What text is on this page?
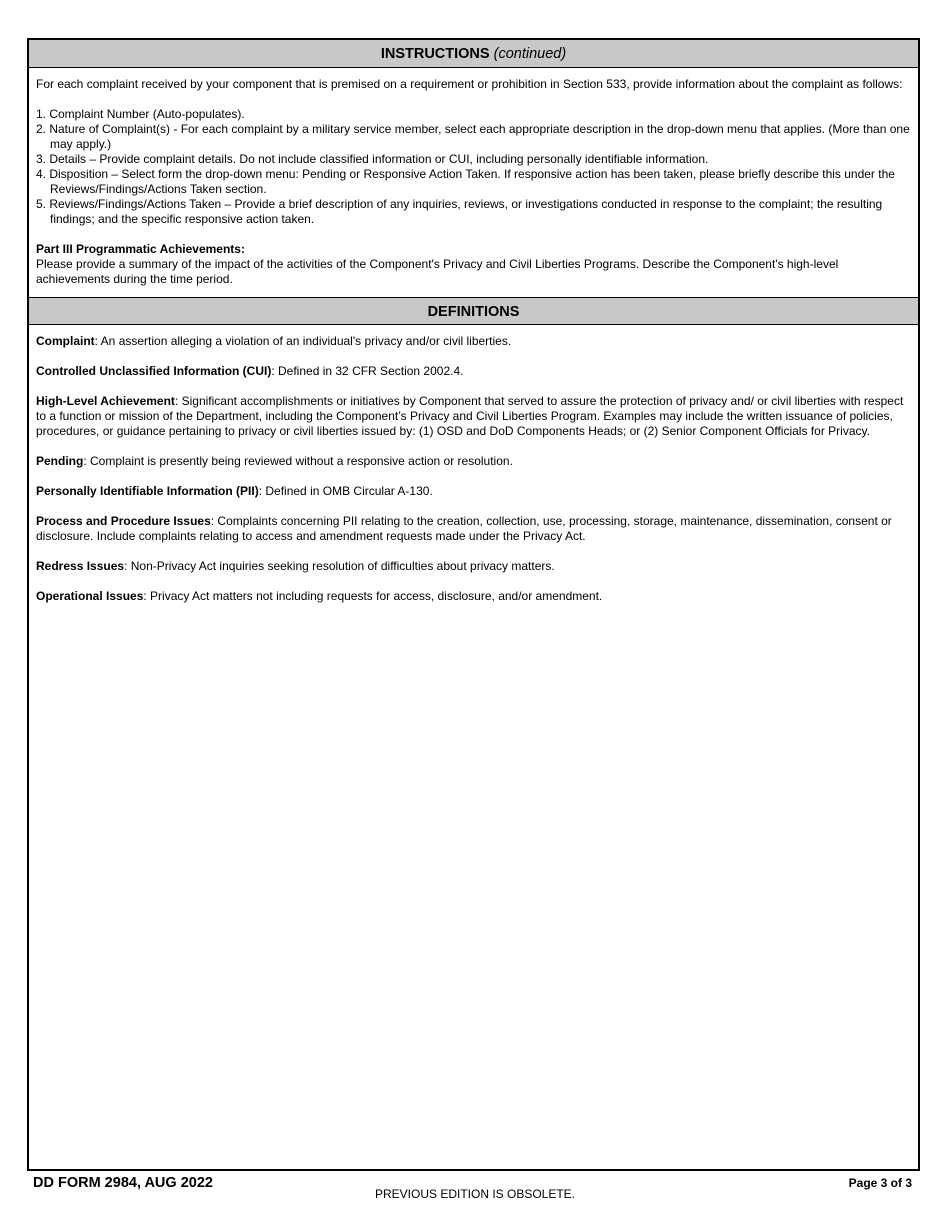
INSTRUCTIONS (continued)

For each complaint received by your component that is premised on a requirement or prohibition in Section 533, provide information about the complaint as follows:

1. Complaint Number (Auto-populates).
2. Nature of Complaint(s) - For each complaint by a military service member, select each appropriate description in the drop-down menu that applies. (More than one may apply.)
3. Details – Provide complaint details. Do not include classified information or CUI, including personally identifiable information.
4. Disposition – Select form the drop-down menu: Pending or Responsive Action Taken. If responsive action has been taken, please briefly describe this under the Reviews/Findings/Actions Taken section.
5. Reviews/Findings/Actions Taken – Provide a brief description of any inquiries, reviews, or investigations conducted in response to the complaint; the resulting findings; and the specific responsive action taken.

Part III Programmatic Achievements:

Please provide a summary of the impact of the activities of the Component's Privacy and Civil Liberties Programs. Describe the Component's high-level achievements during the time period.

DEFINITIONS

Complaint: An assertion alleging a violation of an individual's privacy and/or civil liberties.

Controlled Unclassified Information (CUI): Defined in 32 CFR Section 2002.4.

High-Level Achievement: Significant accomplishments or initiatives by Component that served to assure the protection of privacy and/ or civil liberties with respect to a function or mission of the Department, including the Component’s Privacy and Civil Liberties Program. Examples may include the written issuance of policies, procedures, or guidance pertaining to privacy or civil liberties issued by: (1) OSD and DoD Components Heads; or (2) Senior Component Officials for Privacy.

Pending: Complaint is presently being reviewed without a responsive action or resolution.

Personally Identifiable Information (PII): Defined in OMB Circular A-130.

Process and Procedure Issues: Complaints concerning PII relating to the creation, collection, use, processing, storage, maintenance, dissemination, consent or disclosure. Include complaints relating to access and amendment requests made under the Privacy Act.

Redress Issues: Non-Privacy Act inquiries seeking resolution of difficulties about privacy matters.

Operational Issues: Privacy Act matters not including requests for access, disclosure, and/or amendment.

DD FORM 2984, AUG 2022
PREVIOUS EDITION IS OBSOLETE.
Page 3 of 3
